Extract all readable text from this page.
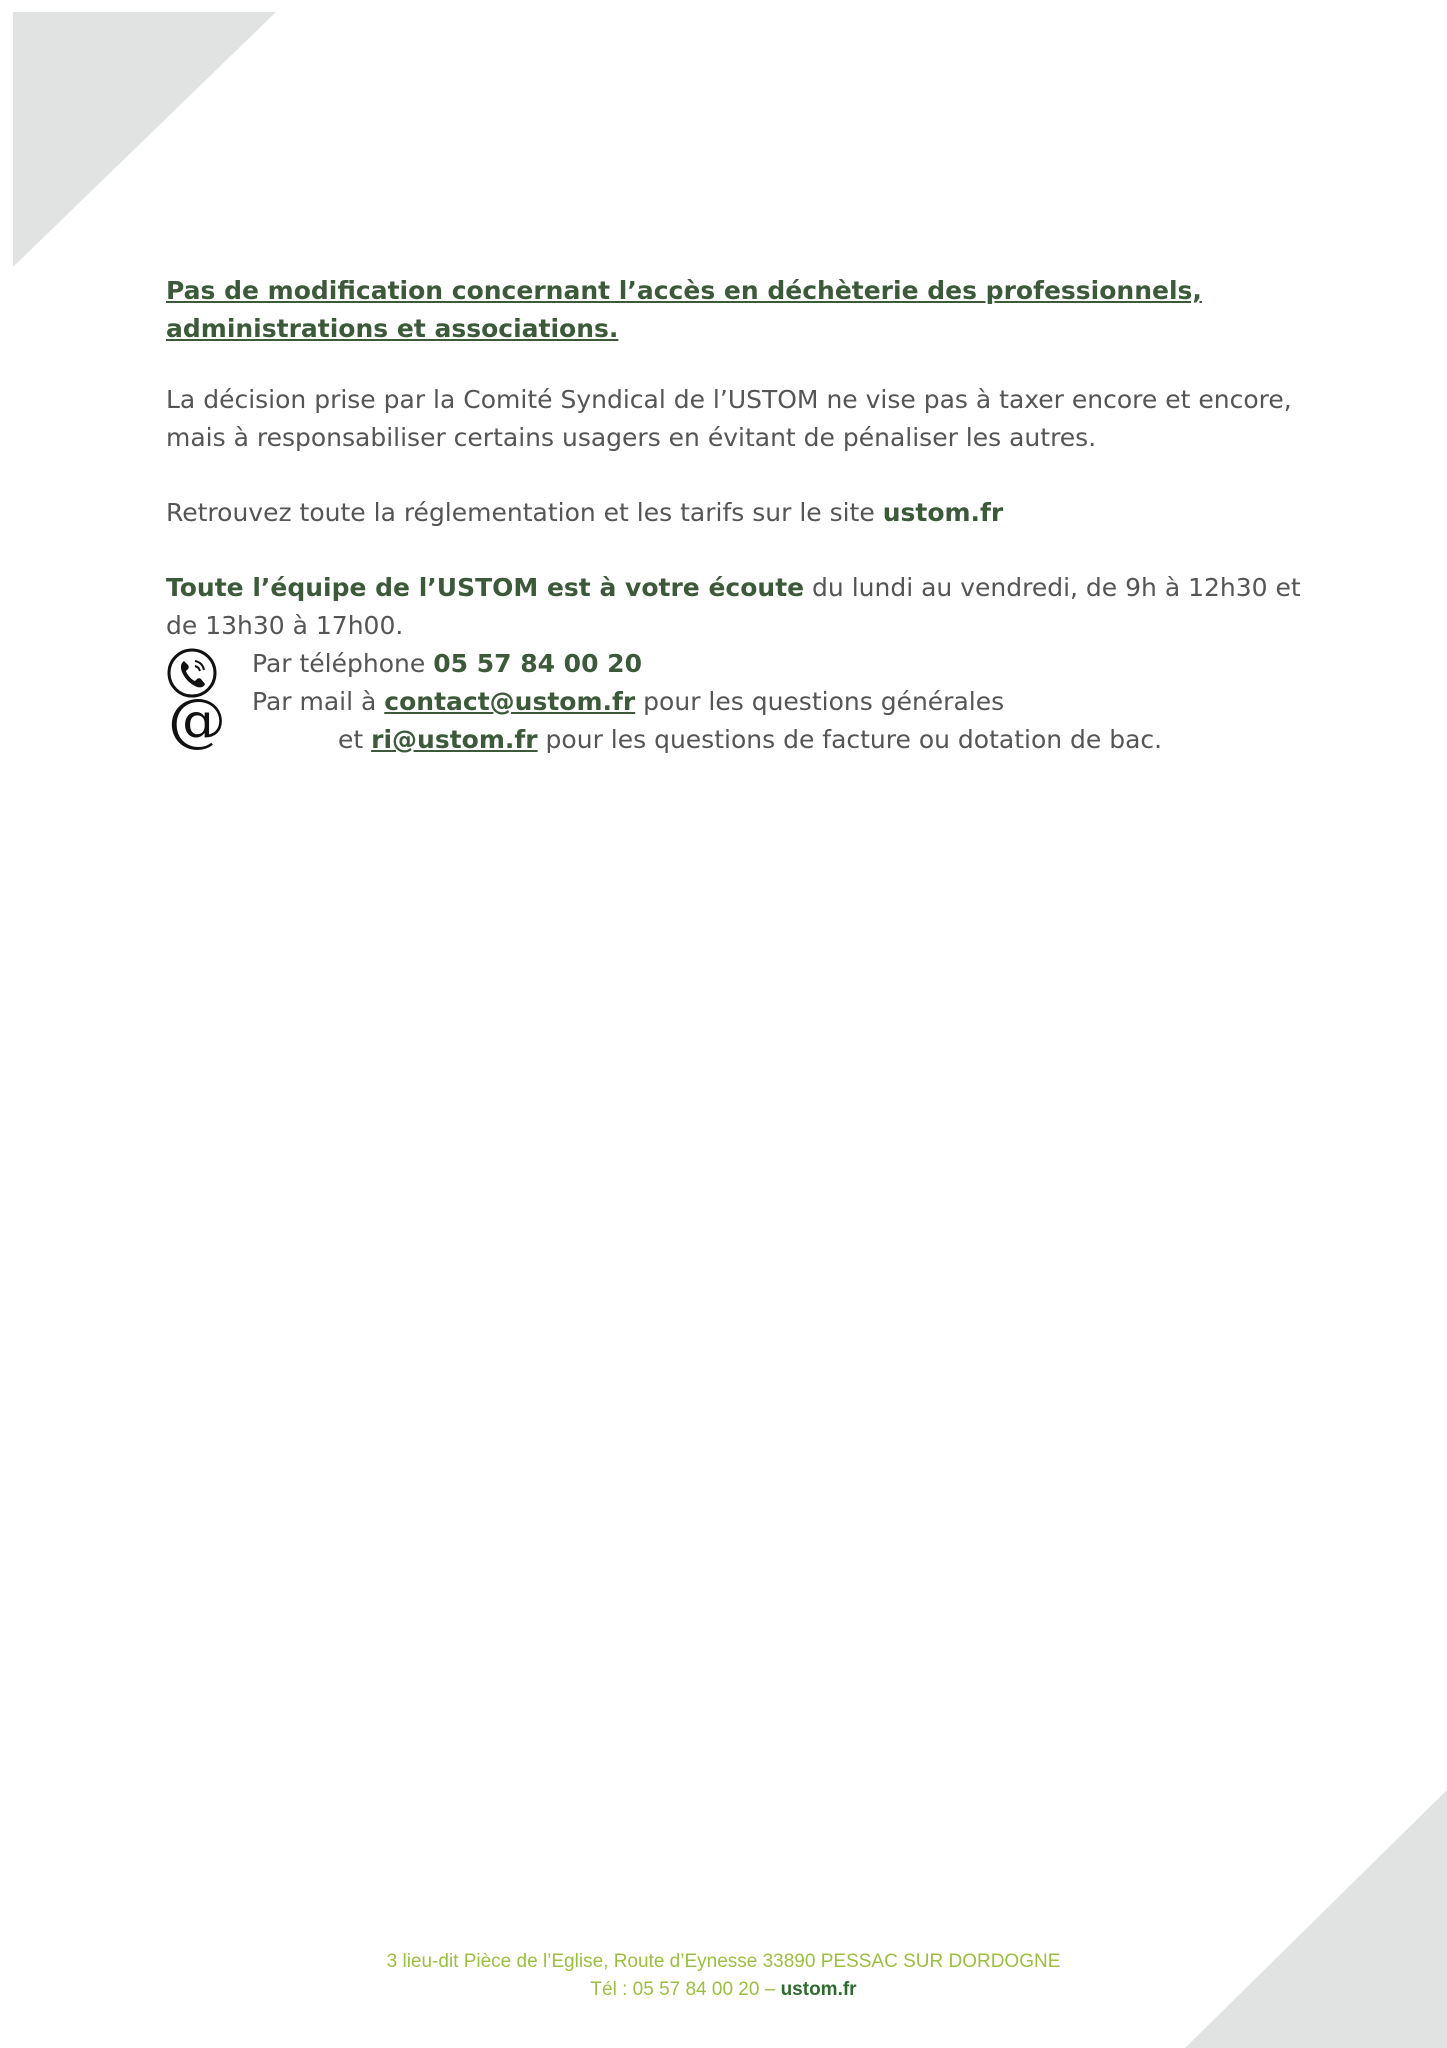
Pas de modification concernant l’accès en déchèterie des professionnels, administrations et associations.

La décision prise par la Comité Syndical de l’USTOM ne vise pas à taxer encore et encore, mais à responsabiliser certains usagers en évitant de pénaliser les autres.

Retrouvez toute la réglementation et les tarifs sur le site ustom.fr

Toute l’équipe de l’USTOM est à votre écoute du lundi au vendredi, de 9h à 12h30 et de 13h30 à 17h00.

@
Par téléphone 05 57 84 00 20
Par mail à contact@ustom.fr pour les questions générales
et ri@ustom.fr pour les questions de facture ou dotation de bac.
3 lieu-dit Pièce de l’Eglise, Route d’Eynesse 33890 PESSAC SUR DORDOGNE
Tél : 05 57 84 00 20 – ustom.fr
